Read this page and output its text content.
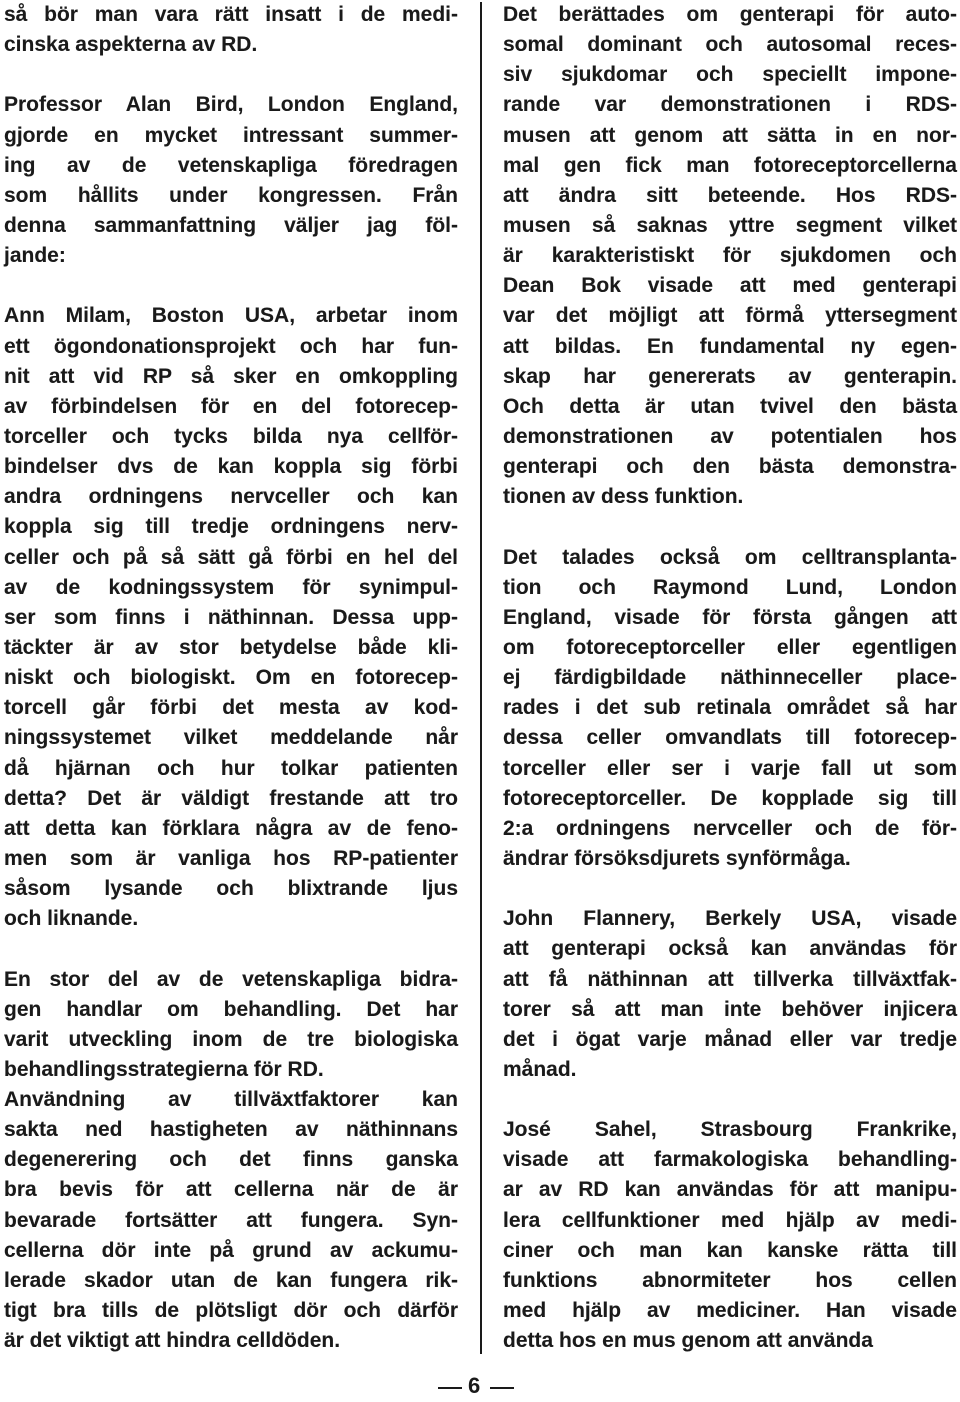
så bör man vara rätt insatt i de medi-
cinska aspekterna av RD.
Professor Alan Bird, London England,
gjorde en mycket intressant summer-
ing av de vetenskapliga föredragen
som hållits under kongressen. Från
denna sammanfattning väljer jag föl-
jande:
Ann Milam, Boston USA, arbetar inom
ett ögondonationsprojekt och har fun-
nit att vid RP så sker en omkoppling
av förbindelsen för en del fotorecep-
torceller och tycks bilda nya cellför-
bindelser dvs de kan koppla sig förbi
andra ordningens nervceller och kan
koppla sig till tredje ordningens nerv-
celler och på så sätt gå förbi en hel del
av de kodningssystem för synimpul-
ser som finns i näthinnan. Dessa upp-
täckter är av stor betydelse både kli-
niskt och biologiskt. Om en fotorecep-
torcell går förbi det mesta av kod-
ningssystemet vilket meddelande når
då hjärnan och hur tolkar patienten
detta? Det är väldigt frestande att tro
att detta kan förklara några av de feno-
men som är vanliga hos RP-patienter
såsom lysande och blixtrande ljus
och liknande.
En stor del av de vetenskapliga bidra-
gen handlar om behandling. Det har
varit utveckling inom de tre biologiska
behandlingsstrategierna för RD.
Användning av tillväxtfaktorer kan
sakta ned hastigheten av näthinnans
degenerering och det finns ganska
bra bevis för att cellerna när de är
bevarade fortsätter att fungera. Syn-
cellerna dör inte på grund av ackumu-
lerade skador utan de kan fungera rik-
tigt bra tills de plötsligt dör och därför
är det viktigt att hindra celldöden.
Det berättades om genterapi för auto-
somal dominant och autosomal reces-
siv sjukdomar och speciellt impone-
rande var demonstrationen i RDS-
musen att genom att sätta in en nor-
mal gen fick man fotoreceptorcellerna
att ändra sitt beteende. Hos RDS-
musen så saknas yttre segment vilket
är karakteristiskt för sjukdomen och
Dean Bok visade att med genterapi
var det möjligt att förmå yttersegment
att bildas. En fundamental ny egen-
skap har genererats av genterapin.
Och detta är utan tvivel den bästa
demonstrationen av potentialen hos
genterapi och den bästa demonstra-
tionen av dess funktion.
Det talades också om celltransplanta-
tion och Raymond Lund, London
England, visade för första gången att
om fotoreceptorceller eller egentligen
ej färdigbildade näthinneceller place-
rades i det sub retinala området så har
dessa celler omvandlats till fotorecep-
torceller eller ser i varje fall ut som
fotoreceptorceller. De kopplade sig till
2:a ordningens nervceller och de för-
ändrar försöksdjurets synförmåga.
John Flannery, Berkely USA, visade
att genterapi också kan användas för
att få näthinnan att tillverka tillväxtfak-
torer så att man inte behöver injicera
det i ögat varje månad eller var tredje
månad.
José Sahel, Strasbourg Frankrike,
visade att farmakologiska behandling-
ar av RD kan användas för att manipu-
lera cellfunktioner med hjälp av medi-
ciner och man kan kanske rätta till
funktions abnormiteter hos cellen
med hjälp av mediciner. Han visade
detta hos en mus genom att använda
6
